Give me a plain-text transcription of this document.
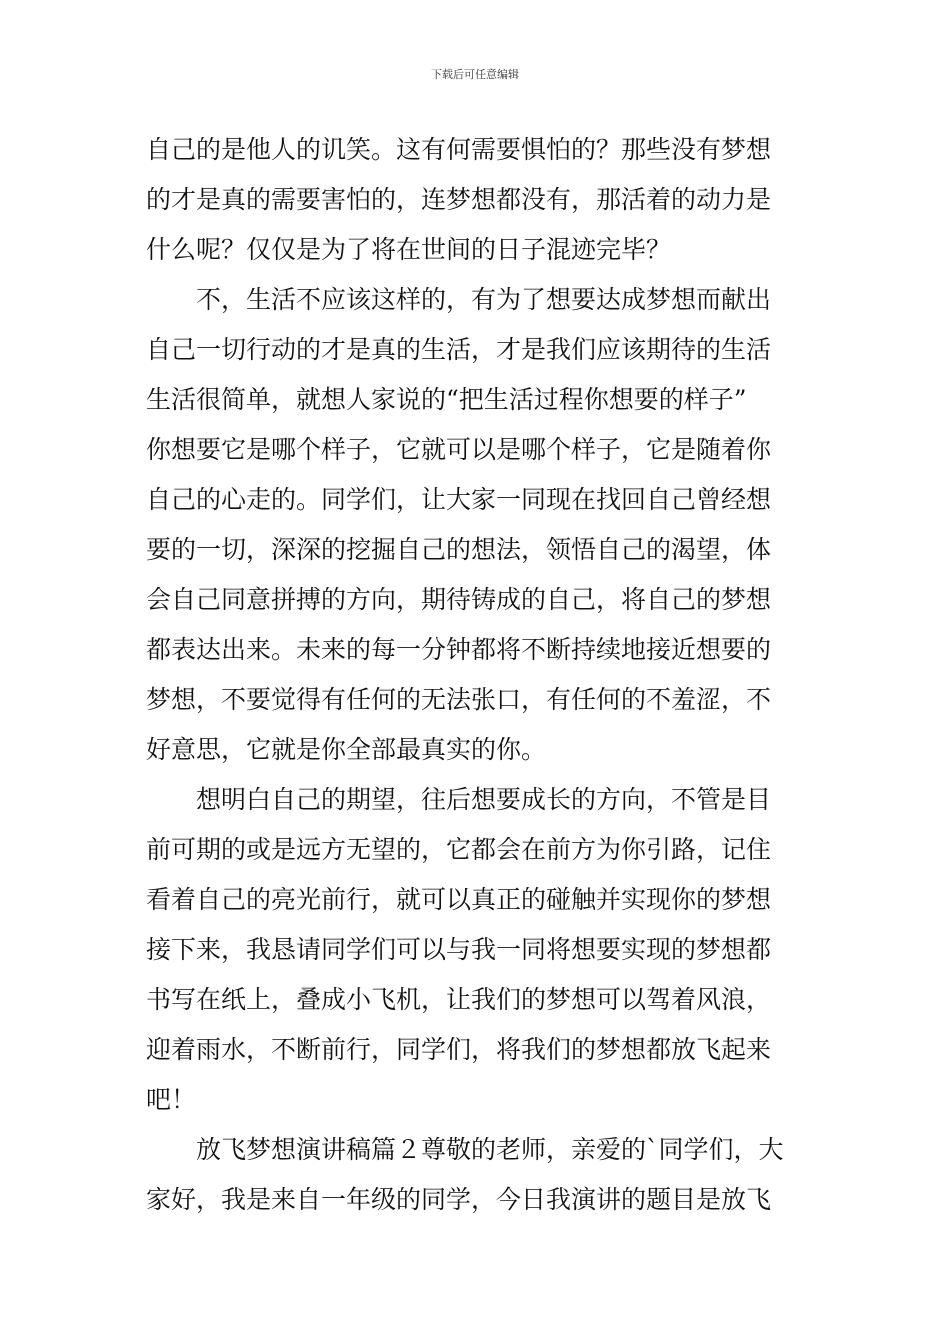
下载后可任意编辑
自己的是他人的讥笑。这有何需要惧怕的？那些没有梦想
的才是真的需要害怕的，连梦想都没有，那活着的动力是
什么呢？仅仅是为了将在世间的日子混迹完毕？
不，生活不应该这样的，有为了想要达成梦想而献出
自己一切行动的才是真的生活，才是我们应该期待的生活
生活很简单，就想人家说的“把生活过程你想要的样子”
你想要它是哪个样子，它就可以是哪个样子，它是随着你
自己的心走的。同学们，让大家一同现在找回自己曾经想
要的一切，深深的挖掘自己的想法，领悟自己的渴望，体
会自己同意拼搏的方向，期待铸成的自己，将自己的梦想
都表达出来。未来的每一分钟都将不断持续地接近想要的
梦想，不要觉得有任何的无法张口，有任何的不羞涩，不
好意思，它就是你全部最真实的你。
想明白自己的期望，往后想要成长的方向，不管是目
前可期的或是远方无望的，它都会在前方为你引路，记住
看着自己的亮光前行，就可以真正的碰触并实现你的梦想
接下来，我恳请同学们可以与我一同将想要实现的梦想都
书写在纸上，叠成小飞机，让我们的梦想可以驾着风浪，
迎着雨水，不断前行，同学们，将我们的梦想都放飞起来
吧！
放飞梦想演讲稿篇２尊敬的老师，亲爱的`同学们，大
家好，我是来自一年级的同学，今日我演讲的题目是放飞
